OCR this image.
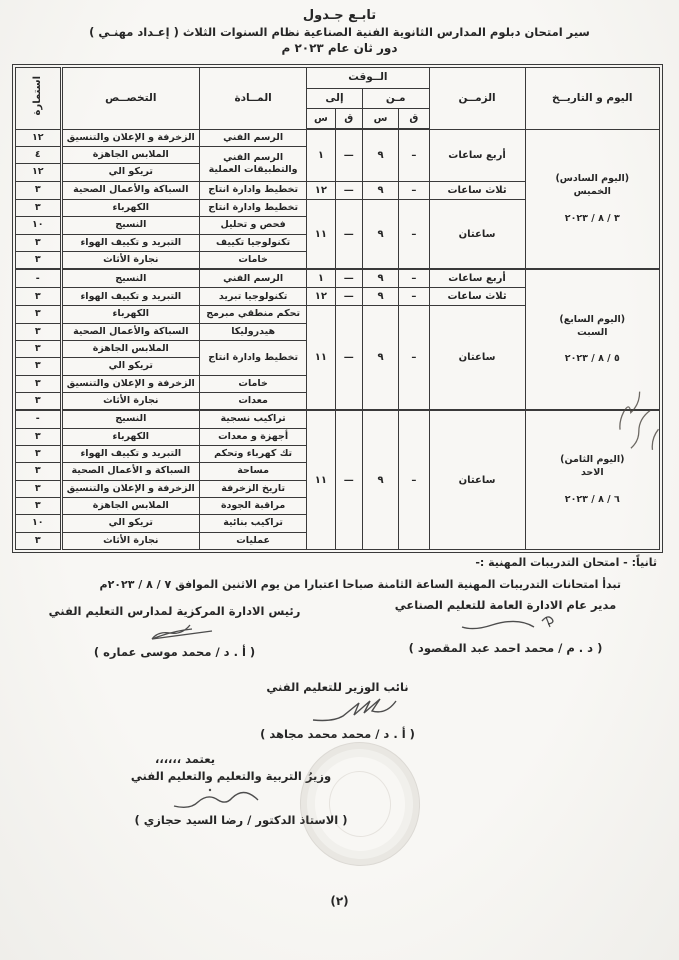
تابـع جـدول
سير امتحان دبلوم المدارس الثانوية الفنية الصناعية نظام السنوات الثلاث ( إعـداد مهنـي )
دور ثان عام ٢٠٢٣ م
اليوم و التاريــخ	الزمــن	الــوقت				المــادة	التخصــص	استمارة
		مـن		إلى				
		ق	س	ق	س			

(اليوم السادس)
الخميس
٣ / ٨ / ٢٠٢٣	أربع ساعات	–	٩	—	١	الرسم الفني	الزخرفة و الإعلان والتنسيق	١٢
						الرسم الفني والتطبيقات العملية	الملابس الجاهزة	٤
							تريكو الي	١٢
	ثلاث ساعات	–	٩	—	١٢	تخطيط وادارة انتاج	السباكة والأعمال الصحية	٣
	ساعتان	–	٩	—	١١	تخطيط وادارة انتاج	الكهرباء	٣
						فحص و تحليل	النسيج	١٠
						تكنولوجيا تكييف	التبريد و تكييف الهواء	٣
						خامات	نجارة الأثاث	٣

(اليوم السابع)
السبت
٥ / ٨ / ٢٠٢٣	أربع ساعات	–	٩	—	١	الرسم الفني	النسيج	-
	ثلاث ساعات	–	٩	—	١٢	تكنولوجيا تبريد	التبريد و تكييف الهواء	٣
	ساعتان	–	٩	—	١١	تحكم منطقي مبرمج	الكهرباء	٣
						هيدروليكا	السباكة والأعمال الصحية	٣
						تخطيط وادارة انتاج	الملابس الجاهزة	٣
							تريكو الي	٣
						خامات	الزخرفة و الإعلان والتنسيق	٣
						معدات	نجارة الأثاث	٣

(اليوم الثامن)
الاحد
٦ / ٨ / ٢٠٢٣	ساعتان	–	٩	—	١١	تراكيب نسجية	النسيج	-
						أجهزة و معدات	الكهرباء	٣
						تك كهرباء وتحكم	التبريد و تكييف الهواء	٣
						مساحة	السباكة و الأعمال الصحية	٣
						تاريخ الزخرفة	الزخرفة و الإعلان والتنسيق	٣
						مراقبة الجودة	الملابس الجاهزة	٣
						تراكيب بنائية	تريكو الي	١٠
						عمليات	نجارة الأثاث	٣
ثانياً: - امتحان التدريبات المهنية :-
تبدأ امتحانات التدريبات المهنية الساعة الثامنة صباحا اعتبارا من يوم الاثنين الموافق ٧ / ٨ / ٢٠٢٣م
مدير عام الادارة العامة للتعليم الصناعي
( د . م / محمد احمد عبد المقصود )
رئيس الادارة المركزية لمدارس التعليم الفني
( أ . د / محمد موسى عماره )
نائب الوزير للتعليم الفني
( أ . د / محمد محمد مجاهد )
يعتمد ،،،،،،
وزيرُ التربية والتعليم والتعليم الفني
( الاستاذ الدكتور / رضا السيد حجازي )
(٢)
